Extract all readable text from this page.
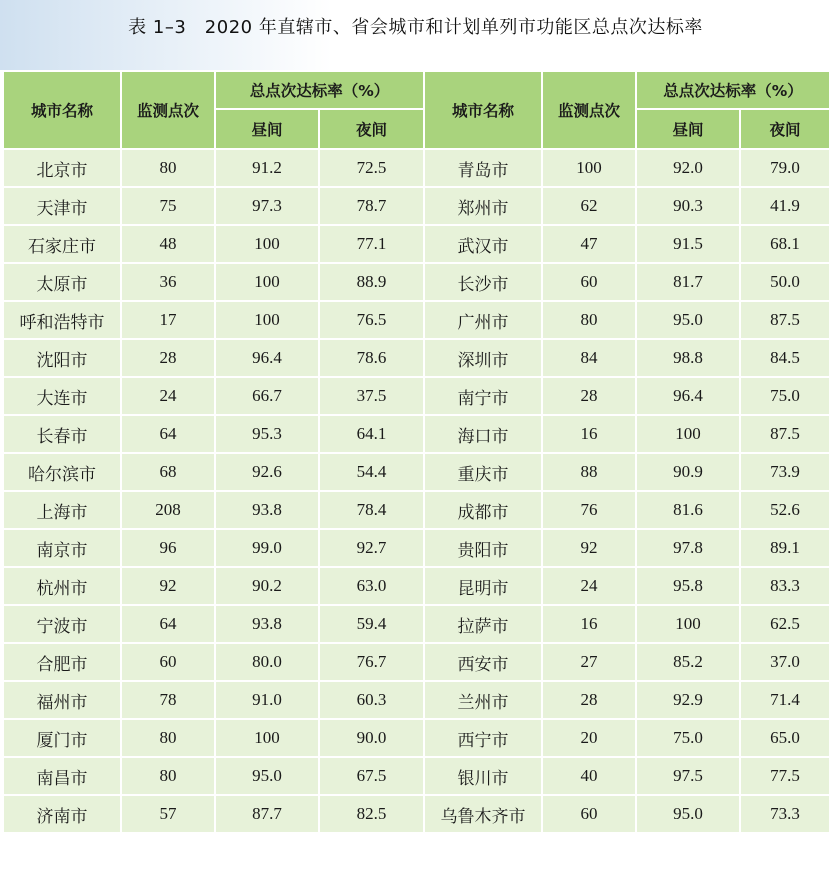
表 1–3　2020 年直辖市、省会城市和计划单列市功能区总点次达标率
城市名称	监测点次	总点次达标率（%）		城市名称	监测点次	总点次达标率（%）	
		昼间	夜间			昼间	夜间
北京市	80	91.2	72.5	青岛市	100	92.0	79.0
天津市	75	97.3	78.7	郑州市	62	90.3	41.9
石家庄市	48	100	77.1	武汉市	47	91.5	68.1
太原市	36	100	88.9	长沙市	60	81.7	50.0
呼和浩特市	17	100	76.5	广州市	80	95.0	87.5
沈阳市	28	96.4	78.6	深圳市	84	98.8	84.5
大连市	24	66.7	37.5	南宁市	28	96.4	75.0
长春市	64	95.3	64.1	海口市	16	100	87.5
哈尔滨市	68	92.6	54.4	重庆市	88	90.9	73.9
上海市	208	93.8	78.4	成都市	76	81.6	52.6
南京市	96	99.0	92.7	贵阳市	92	97.8	89.1
杭州市	92	90.2	63.0	昆明市	24	95.8	83.3
宁波市	64	93.8	59.4	拉萨市	16	100	62.5
合肥市	60	80.0	76.7	西安市	27	85.2	37.0
福州市	78	91.0	60.3	兰州市	28	92.9	71.4
厦门市	80	100	90.0	西宁市	20	75.0	65.0
南昌市	80	95.0	67.5	银川市	40	97.5	77.5
济南市	57	87.7	82.5	乌鲁木齐市	60	95.0	73.3
